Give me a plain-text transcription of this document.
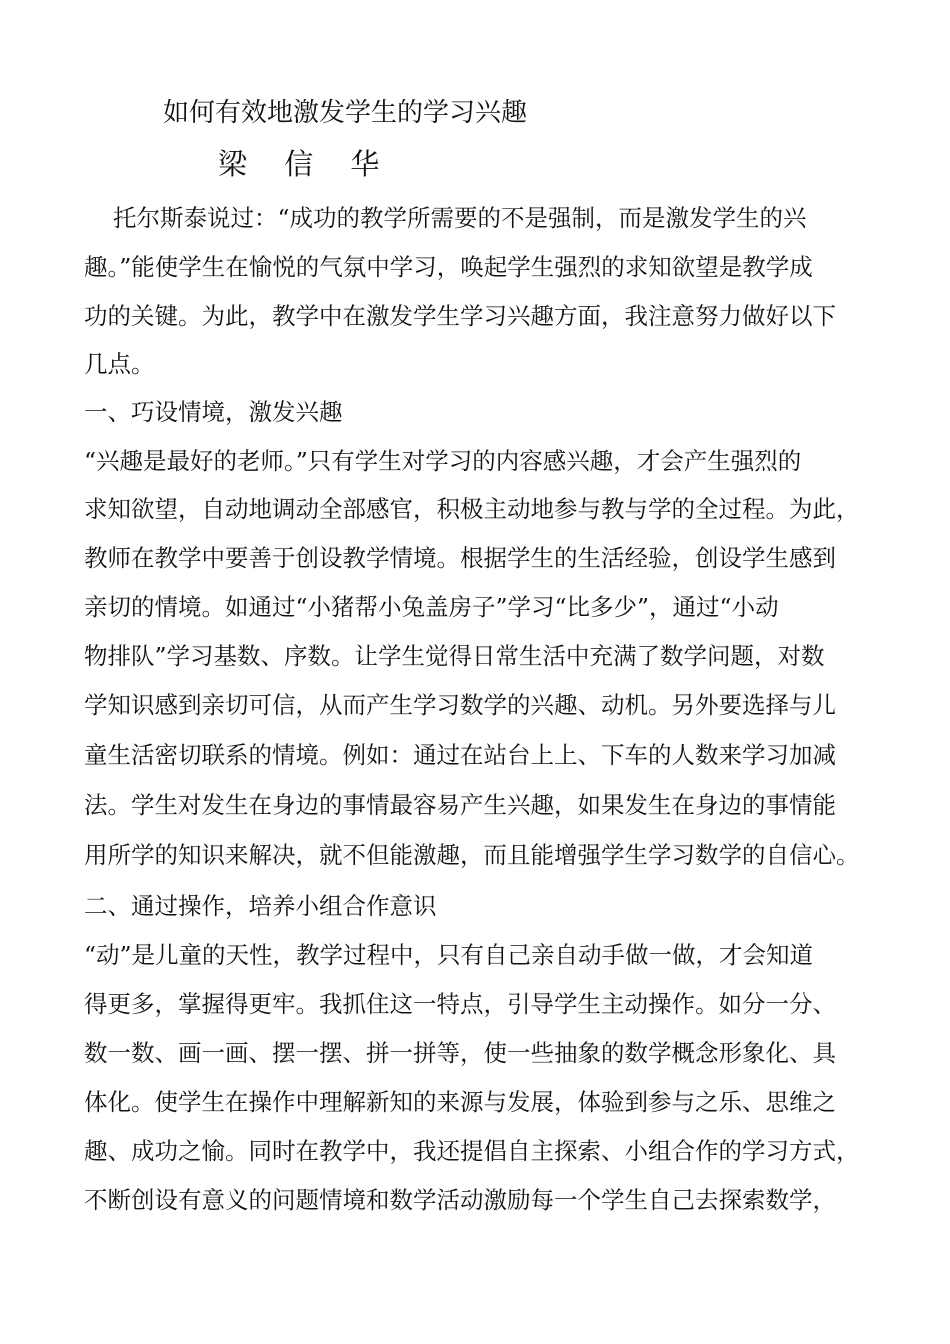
如何有效地激发学生的学习兴趣
梁 信 华
托尔斯泰说过：“成功的教学所需要的不是强制，而是激发学生的兴
趣。”能使学生在愉悦的气氛中学习，唤起学生强烈的求知欲望是教学成
功的关键。为此，教学中在激发学生学习兴趣方面，我注意努力做好以下
几点。
一、巧设情境，激发兴趣
“兴趣是最好的老师。”只有学生对学习的内容感兴趣，才会产生强烈的
求知欲望，自动地调动全部感官，积极主动地参与教与学的全过程。为此，
教师在教学中要善于创设教学情境。根据学生的生活经验，创设学生感到
亲切的情境。如通过“小猪帮小兔盖房子”学习“比多少”，通过“小动
物排队”学习基数、序数。让学生觉得日常生活中充满了数学问题，对数
学知识感到亲切可信，从而产生学习数学的兴趣、动机。另外要选择与儿
童生活密切联系的情境。例如：通过在站台上上、下车的人数来学习加减
法。学生对发生在身边的事情最容易产生兴趣，如果发生在身边的事情能
用所学的知识来解决，就不但能激趣，而且能增强学生学习数学的自信心。
二、通过操作，培养小组合作意识
“动”是儿童的天性，教学过程中，只有自己亲自动手做一做，才会知道
得更多，掌握得更牢。我抓住这一特点，引导学生主动操作。如分一分、
数一数、画一画、摆一摆、拼一拼等，使一些抽象的数学概念形象化、具
体化。使学生在操作中理解新知的来源与发展，体验到参与之乐、思维之
趣、成功之愉。同时在教学中，我还提倡自主探索、小组合作的学习方式，
不断创设有意义的问题情境和数学活动激励每一个学生自己去探索数学，
